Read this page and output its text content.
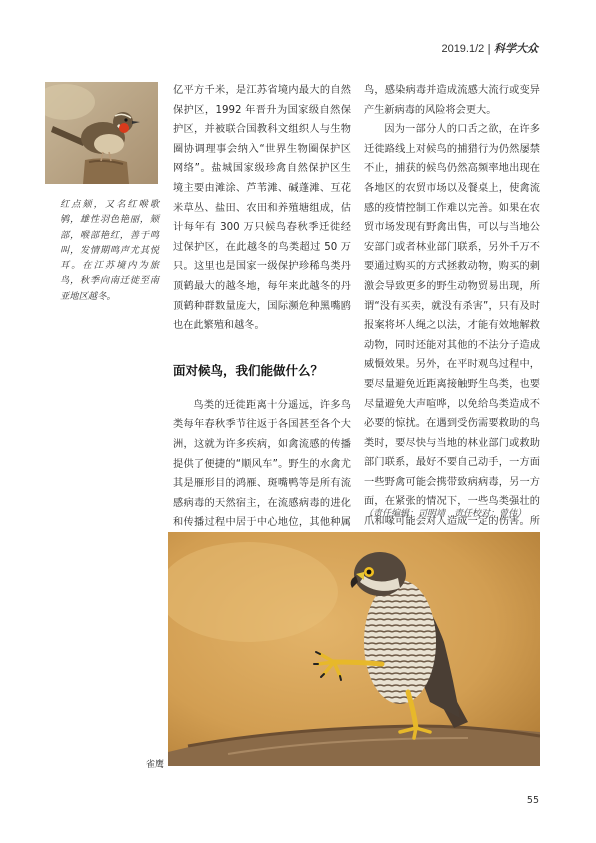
2019.1/2 | 科学大众
红点颏，又名红喉歌鸲，雄性羽色艳丽，颏部，喉部艳红，善于鸣叫，发情期鸣声尤其悦耳。在江苏境内为旅鸟，秋季向南迁徙至南亚地区越冬。

亿平方千米，是江苏省境内最大的自然保护区，1992 年晋升为国家级自然保护区，并被联合国教科文组织人与生物圈协调理事会纳入“世界生物圈保护区网络”。盐城国家级珍禽自然保护区生境主要由滩涂、芦苇滩、碱蓬滩、互花米草丛、盐田、农田和养殖塘组成，估计每年有 300 万只候鸟春秋季迁徙经过保护区，在此越冬的鸟类超过 50 万只。这里也是国家一级保护珍稀鸟类丹顶鹤最大的越冬地，每年来此越冬的丹顶鹤种群数量庞大，国际濒危种黑嘴鸥也在此繁殖和越冬。

面对候鸟，我们能做什么？

鸟类的迁徙距离十分遥远，许多鸟类每年春秋季节往返于各国甚至各个大洲，这就为许多疾病，如禽流感的传播提供了便捷的“顺风车”。野生的水禽尤其是雁形目的鸿雁、斑嘴鸭等是所有流感病毒的天然宿主，在流感病毒的进化和传播过程中居于中心地位，其他种属

鸟，感染病毒并造成流感大流行或变异产生新病毒的风险将会更大。

因为一部分人的口舌之欲，在许多迁徙路线上对候鸟的捕猎行为仍然屡禁不止，捕获的候鸟仍然高频率地出现在各地区的农贸市场以及餐桌上，使禽流感的疫情控制工作难以完善。如果在农贸市场发现有野禽出售，可以与当地公安部门或者林业部门联系，另外千万不要通过购买的方式拯救动物，购买的刺激会导致更多的野生动物贸易出现，所谓“没有买卖，就没有杀害”，只有及时报案将坏人绳之以法，才能有效地解救动物，同时还能对其他的不法分子造成威慑效果。另外，在平时观鸟过程中，要尽量避免近距离接触野生鸟类，也要尽量避免大声喧哗，以免给鸟类造成不必要的惊扰。在遇到受伤需要救助的鸟类时，要尽快与当地的林业部门或救助部门联系，最好不要自己动手，一方面一些野禽可能会携带致病病毒，另一方面，在紧张的情况下，一些鸟类强壮的爪和喙可能会对人造成一定的伤害。所

（责任编辑：司明靖　责任校对：曾伟）
雀鹰
55
